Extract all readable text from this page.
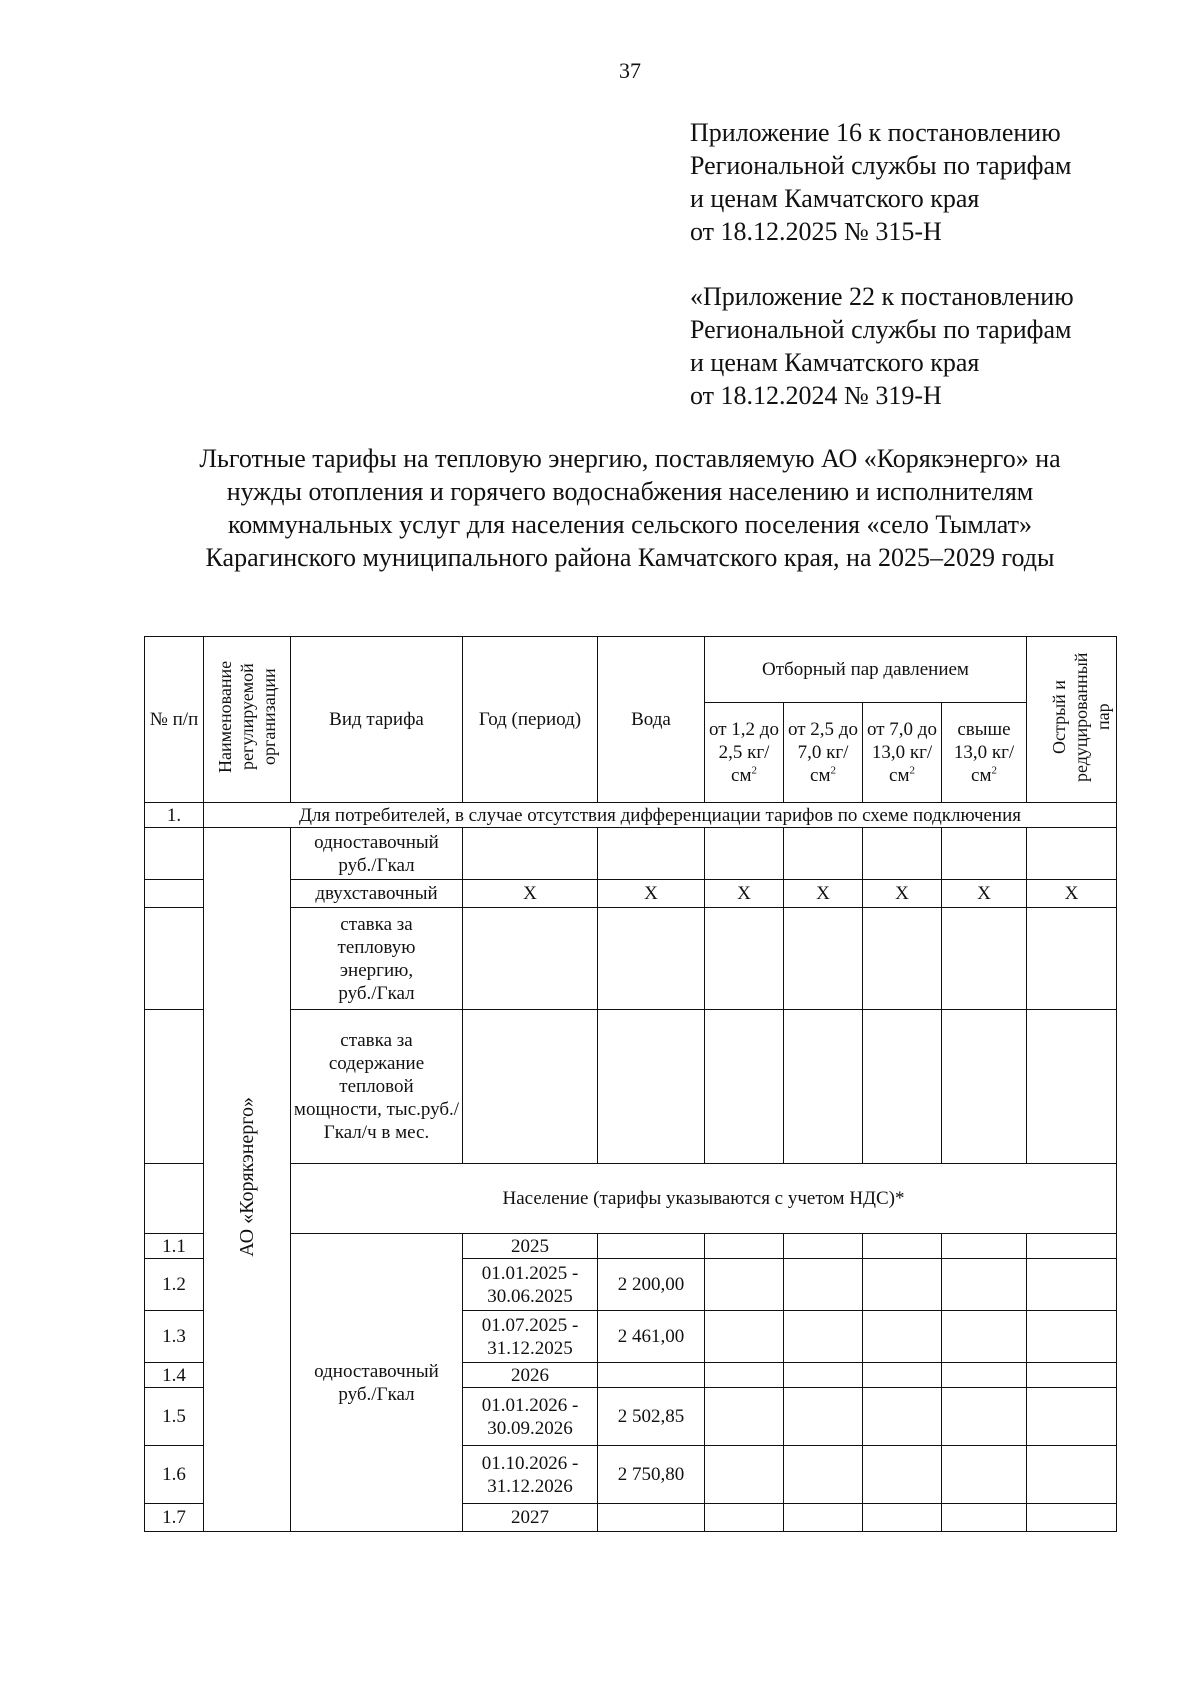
37
Приложение 16 к постановлению
Региональной службы по тарифам
и ценам Камчатского края
от 18.12.2025 № 315-Н
«Приложение 22 к постановлению
Региональной службы по тарифам
и ценам Камчатского края
от 18.12.2024 № 319-Н
Льготные тарифы на тепловую энергию, поставляемую АО «Корякэнерго» на
нужды отопления и горячего водоснабжения населению и исполнителям
коммунальных услуг для населения сельского поселения «село Тымлат»
Карагинского муниципального района Камчатского края, на 2025–2029 годы
№ п/п	Наименование регулируемой организации	Вид тарифа	Год (период)	Вода	Отборный пар давлением				Острый и редуцированный пар
					от 1,2 до 2,5 $кг/см^2$	от 2,5 до 7,0 $кг/см^2$	от 7,0 до 13,0 $кг/см^2$	свыше 13,0 $кг/см^2$
1.	Для потребителей, в случае отсутствия дифференциации тарифов по схеме подключения								
	АО «Корякэнерго»	одноставочный руб./Гкал							
		двухставочный	Х	Х	Х	Х	Х	Х	Х

		ставка за тепловую энергию, руб./Гкал							

		ставка за содержание тепловой мощности, тыс.руб./Гкал/ч в мес.							

		Население (тарифы указываются с учетом НДС)*							
1.1		одноставочный руб./Гкал	2025						
1.2			01.01.2025 - 30.06.2025	2 200,00					
1.3			01.07.2025 - 31.12.2025	2 461,00					
1.4			2026						
1.5			01.01.2026 - 30.09.2026	2 502,85					
1.6			01.10.2026 - 31.12.2026	2 750,80					
1.7			2027						
